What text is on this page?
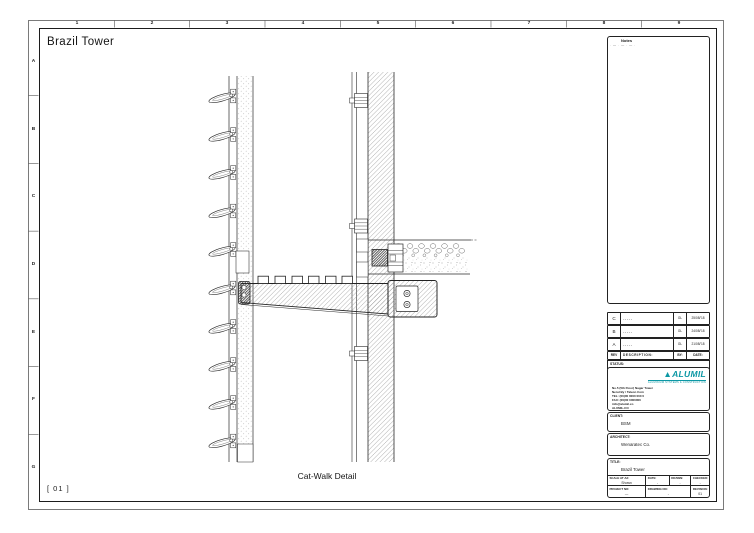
1	2	3	4	5	6	7	8	9
A
B
C
D
E
F
G
Brazil Tower
Cat-Walk Detail
[ 01 ]
Notes
· — · — · — ·
C	-----	GL	25/08/'18
B	-----	GL	24/08/'18
A	-----	GL	21/08/'18
REV	DESCRIPTION:	BY:	DATE:
STATUS:
▲ALUMIL
ALUMINIUM SYSTEMS & CONSTRUCTION
No.5 (5th Floor) Nagar Tower
Nerul By / Taleon Com
TEL: (00)00 0000 000 0
FAX: (00)00 0000000
info@alumil.co
ALUMIL.CO
CLIENT:
BSM
ARCHITECT:
Wenaratec Co.
TITLE:
Brazil Tower
SCALE AT A3:
Shown
DATE:
-
DRAWN:
-
CHECKED:
-
PROJECT NO:
—
DRAWING NO:
-
REVISION:
01
